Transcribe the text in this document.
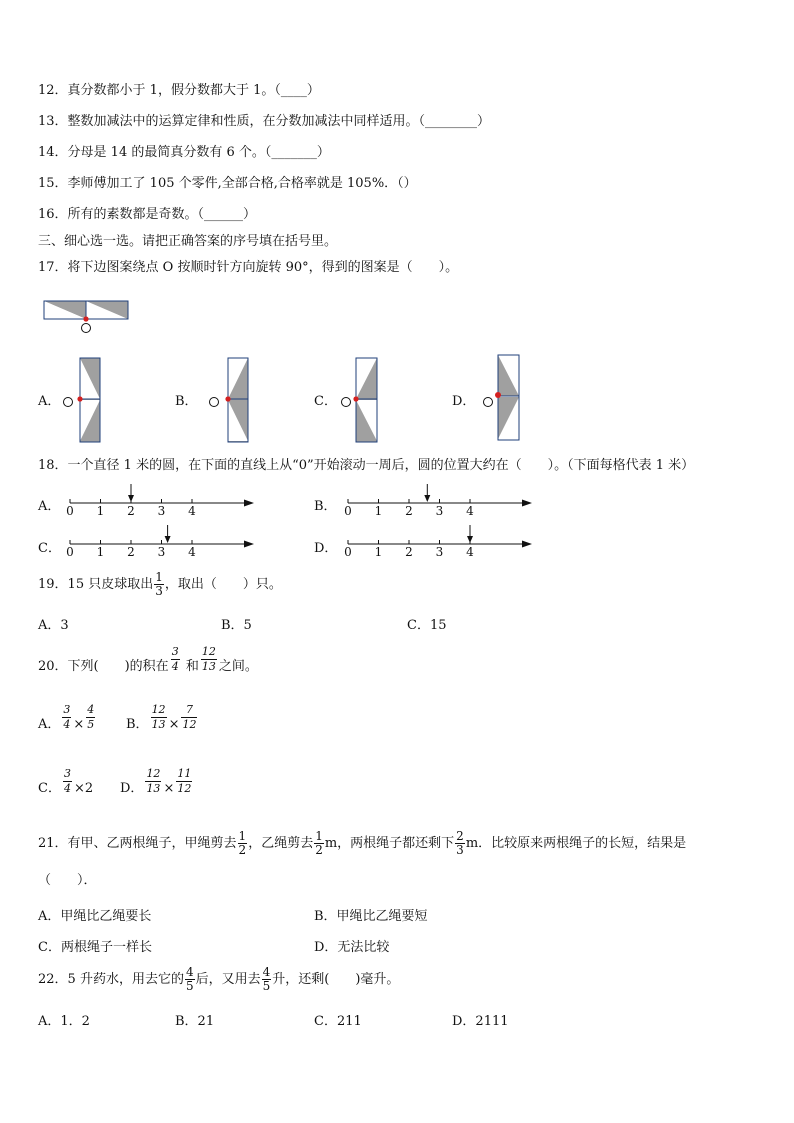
12．真分数都小于 1，假分数都大于 1。（____）
13．整数加减法中的运算定律和性质，在分数加减法中同样适用。（________）
14．分母是 14 的最简真分数有 6 个。（_______）
15．李师傅加工了 105 个零件,全部合格,合格率就是 105%．（）
16．所有的素数都是奇数。（______）
三、细心选一选。请把正确答案的序号填在括号里。
17．将下边图案绕点 O 按顺时针方向旋转 90°，得到的图案是（　　）。
A．	B．	C．	D．
18．一个直径 1 米的圆，在下面的直线上从“0”开始滚动一周后，圆的位置大约在（　　）。（下面每格代表 1 米）
A． 0 1 2 3 4	B． 0 1 2 3 4
C． 0 1 2 3 4	D． 0 1 2 3 4
19．15 只皮球取出 $\frac{1}{3}$ ，取出（　　）只。
A．3	B．5	C．15
20．下列(　　)的积在 $\frac{3}{4}$ 和 $\frac{12}{13}$ 之间。
A． $\frac{3}{4} \times \frac{4}{5}$ B． $\frac{12}{13} \times \frac{7}{12}$
C． $\frac{3}{4} \times 2$ D． $\frac{12}{13} \times \frac{11}{12}$
21．有甲、乙两根绳子，甲绳剪去 $\frac{1}{2}$ ，乙绳剪去 $\frac{1}{2}$ m，两根绳子都还剩下 $\frac{2}{3}$ m．比较原来两根绳子的长短，结果是
（　　）．
A．甲绳比乙绳要长	B．甲绳比乙绳要短
C．两根绳子一样长	D．无法比较
22．5 升药水，用去它的 $\frac{4}{5}$ 后，又用去 $\frac{4}{5}$ 升，还剩(　　)毫升。
A．1．2	B．21	C．211	D．2111
